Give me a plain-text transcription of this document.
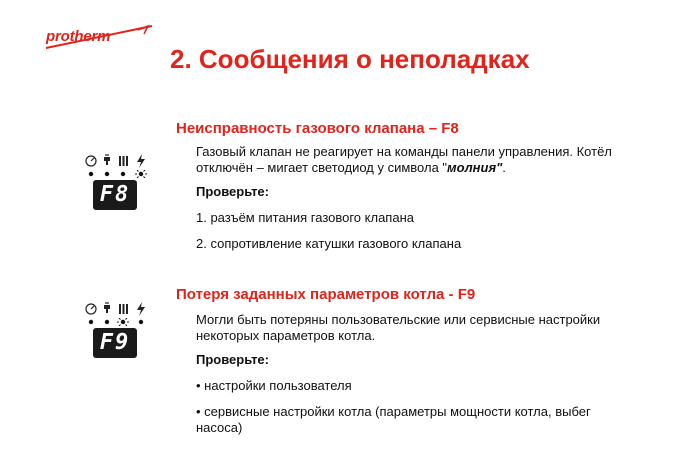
protherm
2. Сообщения о неполадках
Неисправность газового клапана – F8
F8
Газовый клапан не реагирует на команды панели управления. Котёл отключён – мигает светодиод у символа "молния".
Проверьте:
1. разъём питания газового клапана
2. сопротивление катушки газового клапана
Потеря заданных параметров котла - F9
F9
Могли быть потеряны пользовательские или сервисные настройки некоторых параметров котла.
Проверьте:
• настройки пользователя
• сервисные настройки котла (параметры мощности котла, выбег насоса)
